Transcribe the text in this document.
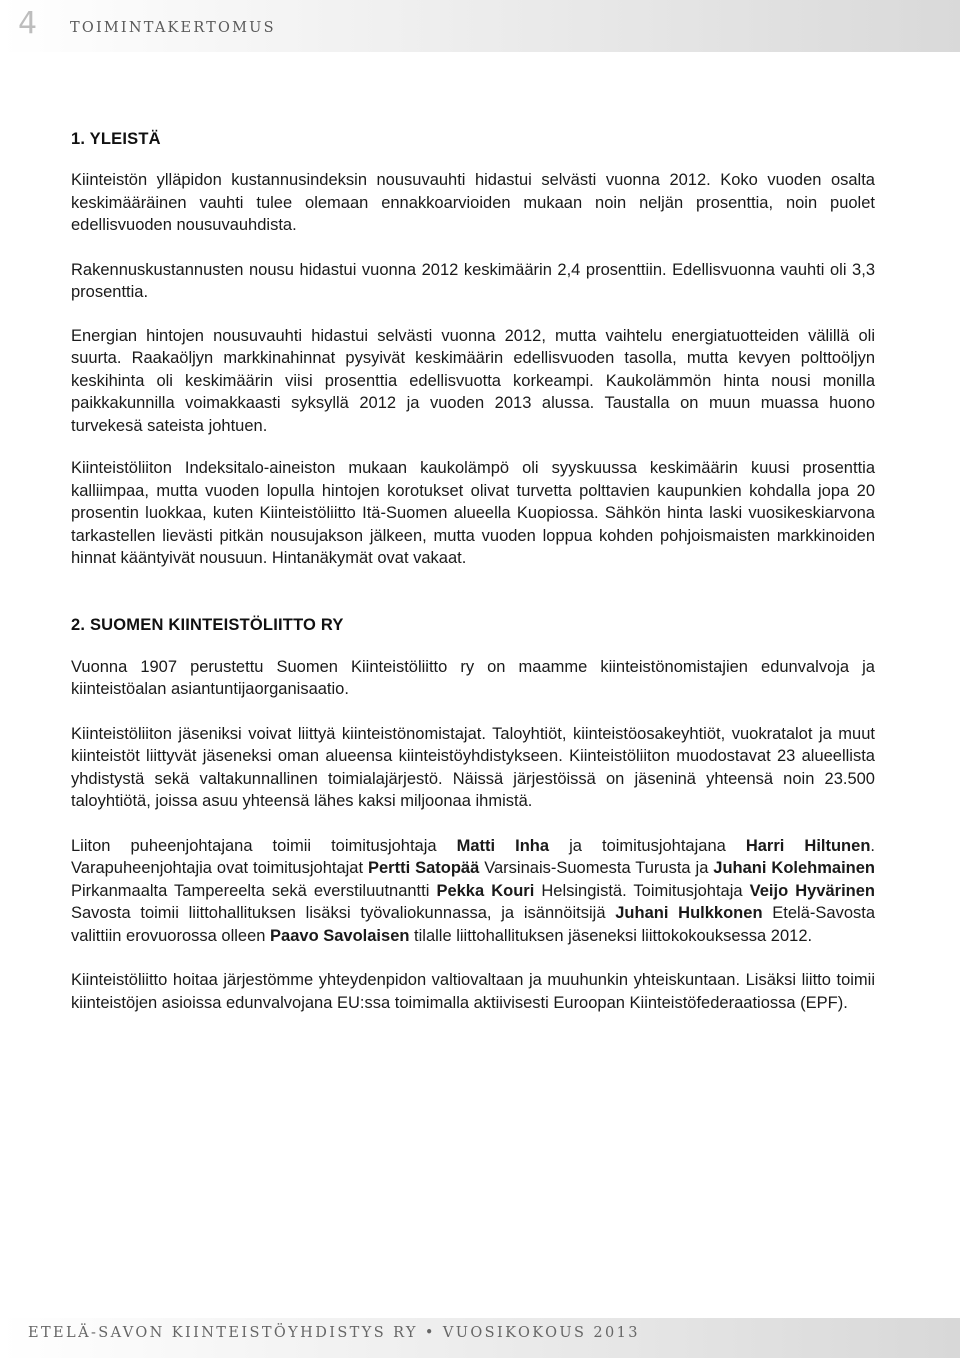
4 TOIMINTAKERTOMUS
1. YLEISTÄ

Kiinteistön ylläpidon kustannusindeksin nousuvauhti hidastui selvästi vuonna 2012. Koko vuoden osalta keskimääräinen vauhti tulee olemaan ennakkoarvioiden mukaan noin neljän prosenttia, noin puolet edellisvuoden nousuvauhdista.

Rakennuskustannusten nousu hidastui vuonna 2012 keskimäärin 2,4 prosenttiin. Edellisvuonna vauhti oli 3,3 prosenttia.

Energian hintojen nousuvauhti hidastui selvästi vuonna 2012, mutta vaihtelu energiatuotteiden välillä oli suurta. Raakaöljyn markkinahinnat pysyivät keskimäärin edellisvuoden tasolla, mutta kevyen polttoöljyn keskihinta oli keskimäärin viisi prosenttia edellisvuotta korkeampi. Kaukolämmön hinta nousi monilla paikkakunnilla voimakkaasti syksyllä 2012 ja vuoden 2013 alussa. Taustalla on muun muassa huono turvekesä sateista johtuen.

Kiinteistöliiton Indeksitalo-aineiston mukaan kaukolämpö oli syyskuussa keskimäärin kuusi prosenttia kalliimpaa, mutta vuoden lopulla hintojen korotukset olivat turvetta polttavien kaupunkien kohdalla jopa 20 prosentin luokkaa, kuten Kiinteistöliitto Itä-Suomen alueella Kuopiossa. Sähkön hinta laski vuosikeskiarvona tarkastellen lievästi pitkän nousujakson jälkeen, mutta vuoden loppua kohden pohjoismaisten markkinoiden hinnat kääntyivät nousuun. Hintanäkymät ovat vakaat.

2. SUOMEN KIINTEISTÖLIITTO RY

Vuonna 1907 perustettu Suomen Kiinteistöliitto ry on maamme kiinteistönomistajien edunvalvoja ja kiinteistöalan asiantuntijaorganisaatio.

Kiinteistöliiton jäseniksi voivat liittyä kiinteistönomistajat. Taloyhtiöt, kiinteistöosakeyhtiöt, vuokratalot ja muut kiinteistöt liittyvät jäseneksi oman alueensa kiinteistöyhdistykseen. Kiinteistöliiton muodostavat 23 alueellista yhdistystä sekä valtakunnallinen toimialajärjestö. Näissä järjestöissä on jäseninä yhteensä noin 23.500 taloyhtiötä, joissa asuu yhteensä lähes kaksi miljoonaa ihmistä.

Liiton puheenjohtajana toimii toimitusjohtaja Matti Inha ja toimitusjohtajana Harri Hiltunen. Varapuheenjohtajia ovat toimitusjohtajat Pertti Satopää Varsinais-Suomesta Turusta ja Juhani Kolehmainen Pirkanmaalta Tampereelta sekä everstiluutnantti Pekka Kouri Helsingistä. Toimitusjohtaja Veijo Hyvärinen Savosta toimii liittohallituksen lisäksi työvaliokunnassa, ja isännöitsijä Juhani Hulkkonen Etelä-Savosta valittiin erovuorossa olleen Paavo Savolaisen tilalle liittohallituksen jäseneksi liittokokouksessa 2012.

Kiinteistöliitto hoitaa järjestömme yhteydenpidon valtiovaltaan ja muuhunkin yhteiskuntaan. Lisäksi liitto toimii kiinteistöjen asioissa edunvalvojana EU:ssa toimimalla aktiivisesti Euroopan Kiinteistöfederaatiossa (EPF).

ETELÄ-SAVON KIINTEISTÖYHDISTYS RY • VUOSIKOKOUS 2013
